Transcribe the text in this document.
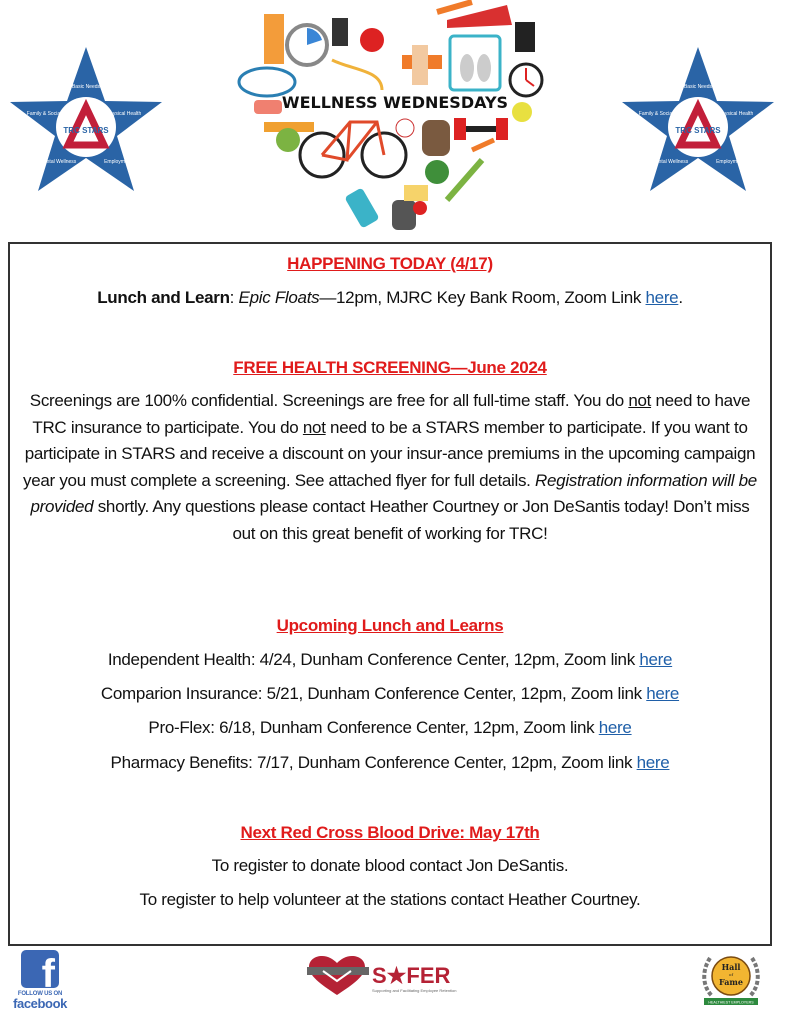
TRC STARS
Basic Needs
Physical Health
Employment
Mental Wellness
Family & Social
WELLNESS WEDNESDAYS
TRC STARS
Basic Needs
Physical Health
Employment
Mental Wellness
Family & Social
HAPPENING TODAY (4/17)
Lunch and Learn: Epic Floats—12pm, MJRC Key Bank Room, Zoom Link here.
FREE HEALTH SCREENING—June 2024
Screenings are 100% confidential. Screenings are free for all full-time staff. You do not need to have TRC insurance to participate. You do not need to be a STARS member to participate. If you want to participate in STARS and receive a discount on your insur-ance premiums in the upcoming campaign year you must complete a screening. See attached flyer for full details. Registration information will be provided shortly. Any questions please contact Heather Courtney or Jon DeSantis today! Don’t miss out on this great benefit of working for TRC!
Upcoming Lunch and Learns
Independent Health: 4/24, Dunham Conference Center, 12pm, Zoom link here
Comparion Insurance: 5/21, Dunham Conference Center, 12pm, Zoom link here
Pro-Flex: 6/18, Dunham Conference Center, 12pm, Zoom link here
Pharmacy Benefits: 7/17, Dunham Conference Center, 12pm, Zoom link here
Next Red Cross Blood Drive: May 17th
To register to donate blood contact Jon DeSantis.
To register to help volunteer at the stations contact Heather Courtney.
f
FOLLOW US ON
facebook
S★FER
Supporting and Facilitating Employee Retention
Hall
of
Fame
HEALTHIEST EMPLOYERS
